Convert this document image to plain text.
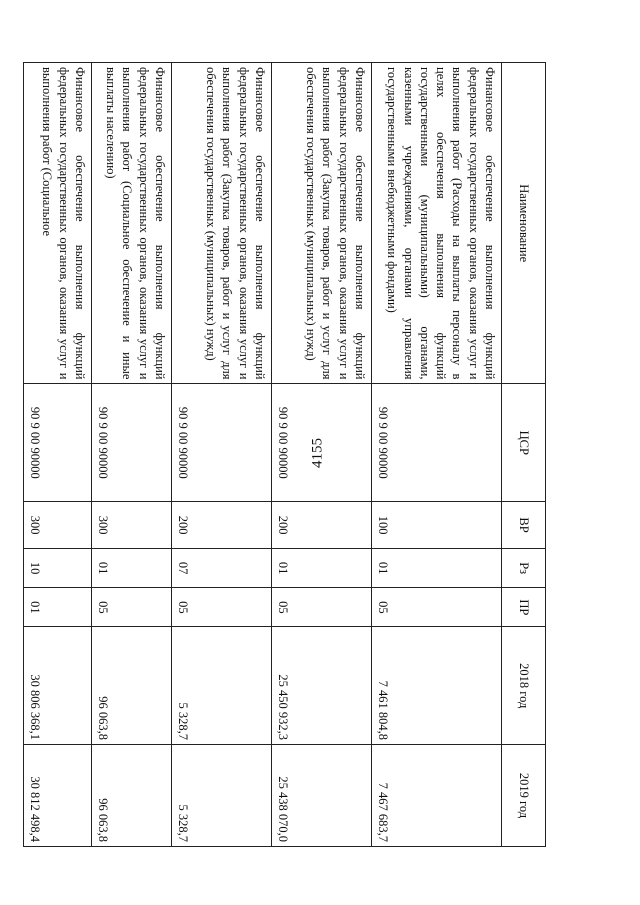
4155
Наименование	ЦСР	ВР	Рз	ПР	2018 год	2019 год
Финансовое обеспечение выполнения функций федеральных государственных органов, оказания услуг и выполнения работ (Расходы на выплаты персоналу в целях обеспечения выполнения функций государственными (муниципальными) органами, казенными учреждениями, органами управления государственными внебюджетными фондами)	90 9 00 90000	100	01	05	7 461 804,8	7 467 683,7
Финансовое обеспечение выполнения функций федеральных государственных органов, оказания услуг и выполнения работ (Закупка товаров, работ и услуг для обеспечения государственных (муниципальных) нужд)	90 9 00 90000	200	01	05	25 450 932,3	25 438 070,0
Финансовое обеспечение выполнения функций федеральных государственных органов, оказания услуг и выполнения работ (Закупка товаров, работ и услуг для обеспечения государственных (муниципальных) нужд)	90 9 00 90000	200	07	05	5 328,7	5 328,7
Финансовое обеспечение выполнения функций федеральных государственных органов, оказания услуг и выполнения работ (Социальное обеспечение и иные выплаты населению)	90 9 00 90000	300	01	05	96 063,8	96 063,8
Финансовое обеспечение выполнения функций федеральных государственных органов, оказания услуг и выполнения работ (Социальное	90 9 00 90000	300	10	01	30 806 368,1	30 812 498,4
